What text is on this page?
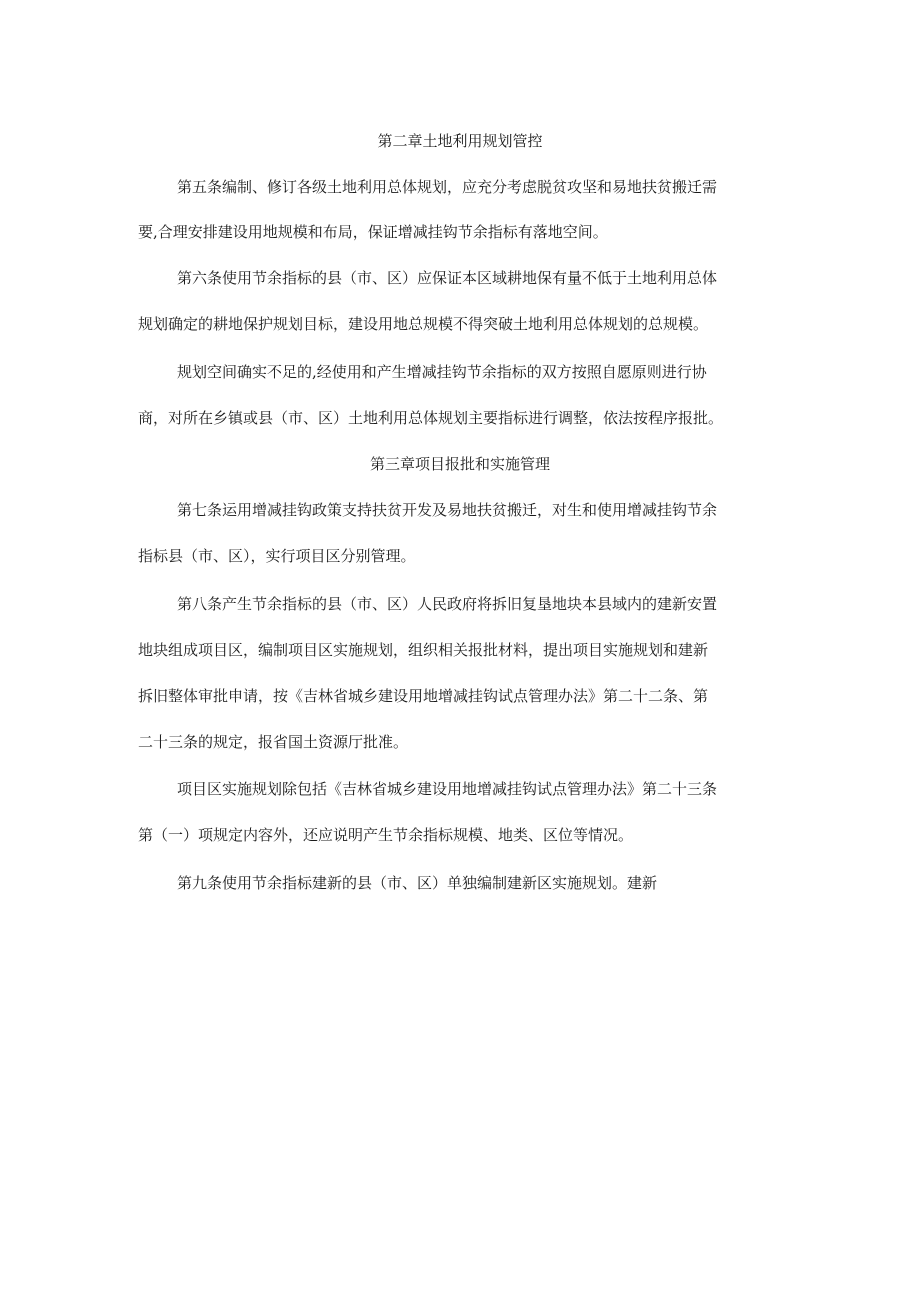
第二章土地利用规划管控

第五条编制、修订各级土地利用总体规划，应充分考虑脱贫攻坚和易地扶贫搬迁需

要,合理安排建设用地规模和布局，保证增减挂钩节余指标有落地空间。

第六条使用节余指标的县（市、区）应保证本区域耕地保有量不低于土地利用总体

规划确定的耕地保护规划目标，建设用地总规模不得突破土地利用总体规划的总规模。

规划空间确实不足的,经使用和产生增减挂钩节余指标的双方按照自愿原则进行协

商，对所在乡镇或县（市、区）土地利用总体规划主要指标进行调整，依法按程序报批。

第三章项目报批和实施管理

第七条运用增减挂钩政策支持扶贫开发及易地扶贫搬迁，对生和使用增减挂钩节余

指标县（市、区），实行项目区分别管理。

第八条产生节余指标的县（市、区）人民政府将拆旧复垦地块本县域内的建新安置

地块组成项目区，编制项目区实施规划，组织相关报批材料，提出项目实施规划和建新

拆旧整体审批申请，按《吉林省城乡建设用地增减挂钩试点管理办法》第二十二条、第

二十三条的规定，报省国土资源厅批准。

项目区实施规划除包括《吉林省城乡建设用地增减挂钩试点管理办法》第二十三条

第（一）项规定内容外，还应说明产生节余指标规模、地类、区位等情况。

第九条使用节余指标建新的县（市、区）单独编制建新区实施规划。建新
